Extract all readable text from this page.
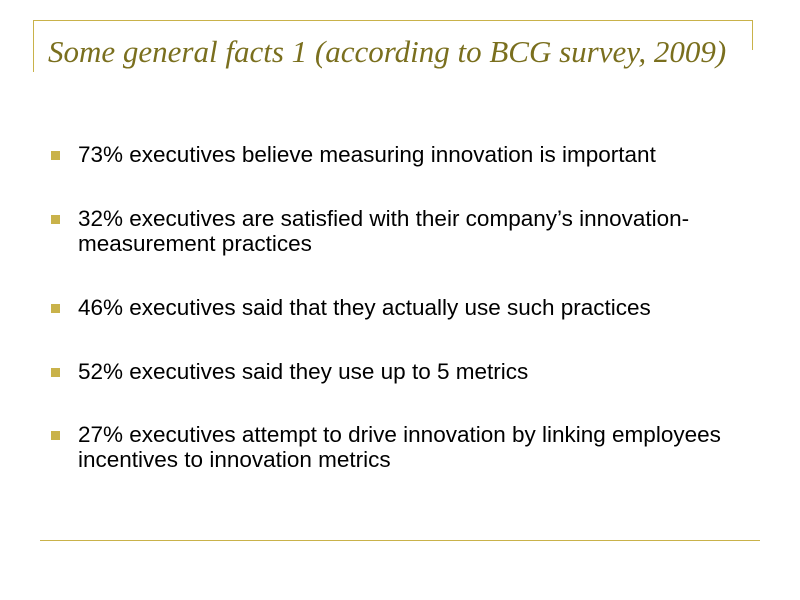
Some general facts 1 (according to BCG survey, 2009)
73% executives believe measuring innovation is important
32% executives are satisfied with their company’s innovation-measurement practices
46% executives said that they actually use such practices
52% executives said they use up to 5 metrics
27% executives attempt to drive innovation by linking employees incentives to innovation metrics
